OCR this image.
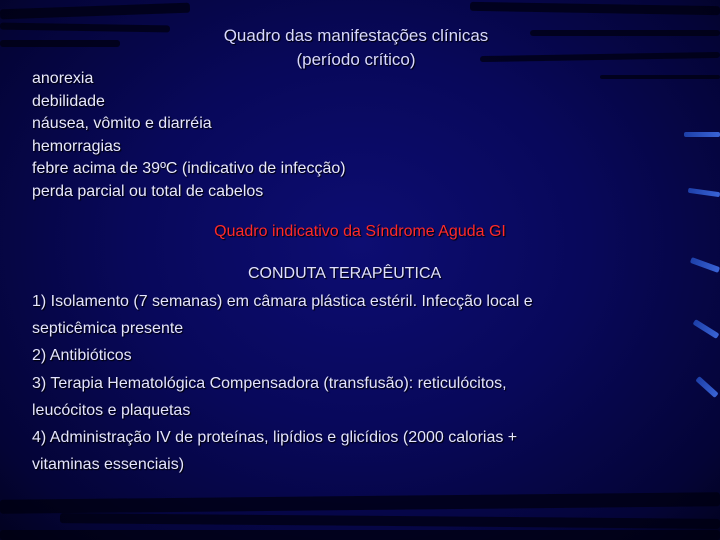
Quadro das manifestações clínicas
(período crítico)
anorexia
debilidade
náusea, vômito e diarréia
hemorragias
febre acima de 39ºC (indicativo de infecção)
perda parcial ou total de cabelos
Quadro indicativo da Síndrome Aguda GI
CONDUTA TERAPÊUTICA
1) Isolamento (7 semanas) em câmara plástica estéril. Infecção local e
septicêmica presente
2) Antibióticos
3) Terapia Hematológica Compensadora (transfusão): reticulócitos,
leucócitos e plaquetas
4) Administração IV de proteínas, lipídios e glicídios (2000 calorias +
vitaminas essenciais)
